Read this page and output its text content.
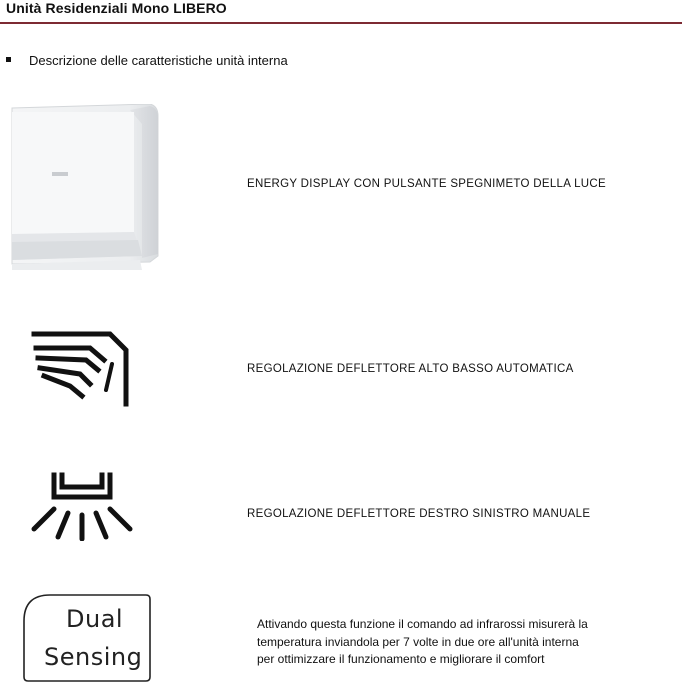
Unità Residenziali Mono LIBERO
Descrizione delle caratteristiche unità interna
ENERGY DISPLAY CON PULSANTE SPEGNIMETO DELLA LUCE
REGOLAZIONE DEFLETTORE ALTO BASSO AUTOMATICA
REGOLAZIONE DEFLETTORE DESTRO SINISTRO MANUALE
Dual
Sensing
Attivando questa funzione il comando ad infrarossi misurerà la
temperatura inviandola per 7 volte in due ore all'unità interna
per ottimizzare il funzionamento e migliorare il comfort
